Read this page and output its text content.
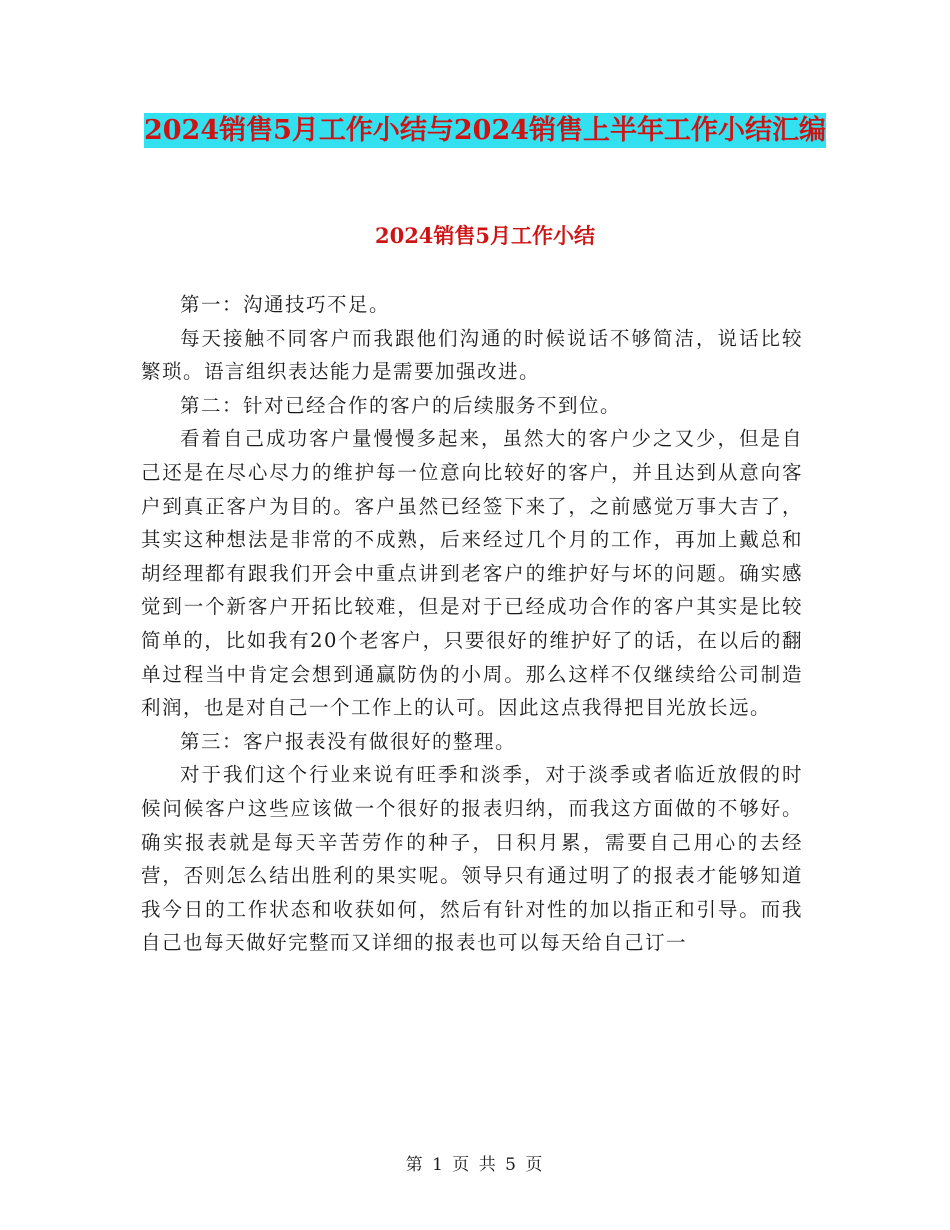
2024销售5月工作小结与2024销售上半年工作小结汇编
2024销售5月工作小结

第一：沟通技巧不足。

每天接触不同客户而我跟他们沟通的时候说话不够简洁，说话比较繁琐。语言组织表达能力是需要加强改进。

第二：针对已经合作的客户的后续服务不到位。

看着自己成功客户量慢慢多起来，虽然大的客户少之又少，但是自己还是在尽心尽力的维护每一位意向比较好的客户，并且达到从意向客户到真正客户为目的。客户虽然已经签下来了，之前感觉万事大吉了，其实这种想法是非常的不成熟，后来经过几个月的工作，再加上戴总和胡经理都有跟我们开会中重点讲到老客户的维护好与坏的问题。确实感觉到一个新客户开拓比较难，但是对于已经成功合作的客户其实是比较简单的，比如我有20个老客户，只要很好的维护好了的话，在以后的翻单过程当中肯定会想到通赢防伪的小周。那么这样不仅继续给公司制造利润，也是对自己一个工作上的认可。因此这点我得把目光放长远。

第三：客户报表没有做很好的整理。

对于我们这个行业来说有旺季和淡季，对于淡季或者临近放假的时候问候客户这些应该做一个很好的报表归纳，而我这方面做的不够好。确实报表就是每天辛苦劳作的种子，日积月累，需要自己用心的去经营，否则怎么结出胜利的果实呢。领导只有通过明了的报表才能够知道我今日的工作状态和收获如何，然后有针对性的加以指正和引导。而我自己也每天做好完整而又详细的报表也可以每天给自己订一

第 1 页 共 5 页
